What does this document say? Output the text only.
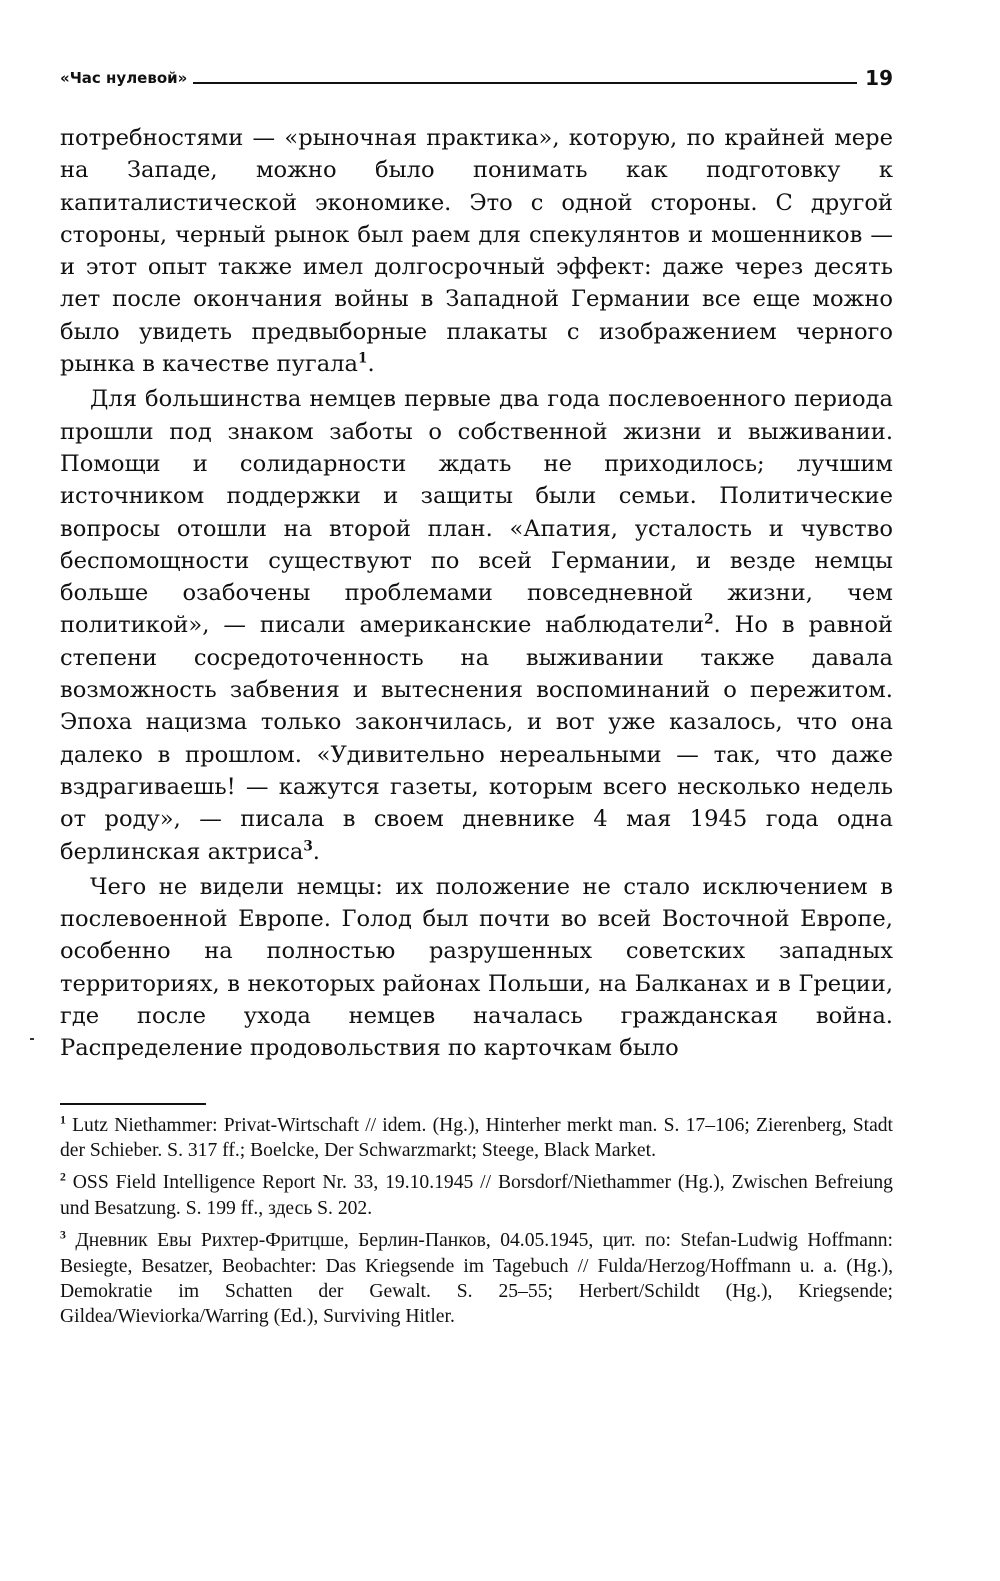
«Час нулевой»	19

потребностями — «рыночная практика», которую, по крайней мере на Западе, можно было понимать как подготовку к капиталистической экономике. Это с одной стороны. С другой стороны, черный рынок был раем для спекулянтов и мошенников — и этот опыт также имел долгосрочный эффект: даже через десять лет после окончания войны в Западной Германии все еще можно было увидеть предвыборные плакаты с изображением черного рынка в качестве пугала$^1$.

Для большинства немцев первые два года послевоенного периода прошли под знаком заботы о собственной жизни и выживании. Помощи и солидарности ждать не приходилось; лучшим источником поддержки и защиты были семьи. Политические вопросы отошли на второй план. «Апатия, усталость и чувство беспомощности существуют по всей Германии, и везде немцы больше озабочены проблемами повседневной жизни, чем политикой», — писали американские наблюдатели$^2$. Но в равной степени сосредоточенность на выживании также давала возможность забвения и вытеснения воспоминаний о пережитом. Эпоха нацизма только закончилась, и вот уже казалось, что она далеко в прошлом. «Удивительно нереальными — так, что даже вздрагиваешь! — кажутся газеты, которым всего несколько недель от роду», — писала в своем дневнике 4 мая 1945 года одна берлинская актриса$^3$.

Чего не видели немцы: их положение не стало исключением в послевоенной Европе. Голод был почти во всей Восточной Европе, особенно на полностью разрушенных советских западных территориях, в некоторых районах Польши, на Балканах и в Греции, где после ухода немцев началась гражданская война. Распределение продовольствия по карточкам было

$^1$ Lutz Niethammer: Privat-Wirtschaft // idem. (Hg.), Hinterher merkt man. S. 17–106; Zierenberg, Stadt der Schieber. S. 317 ff.; Boelcke, Der Schwarzmarkt; Steege, Black Market.

$^2$ OSS Field Intelligence Report Nr. 33, 19.10.1945 // Borsdorf/Niethammer (Hg.), Zwischen Befreiung und Besatzung. S. 199 ff., здесь S. 202.

$^3$ Дневник Евы Рихтер-Фритцше, Берлин-Панков, 04.05.1945, цит. по: Stefan-Ludwig Hoffmann: Besiegte, Besatzer, Beobachter: Das Kriegsende im Tagebuch // Fulda/Herzog/Hoffmann u. a. (Hg.), Demokratie im Schatten der Gewalt. S. 25–55; Herbert/Schildt (Hg.), Kriegsende; Gildea/Wieviorka/Warring (Ed.), Surviving Hitler.
